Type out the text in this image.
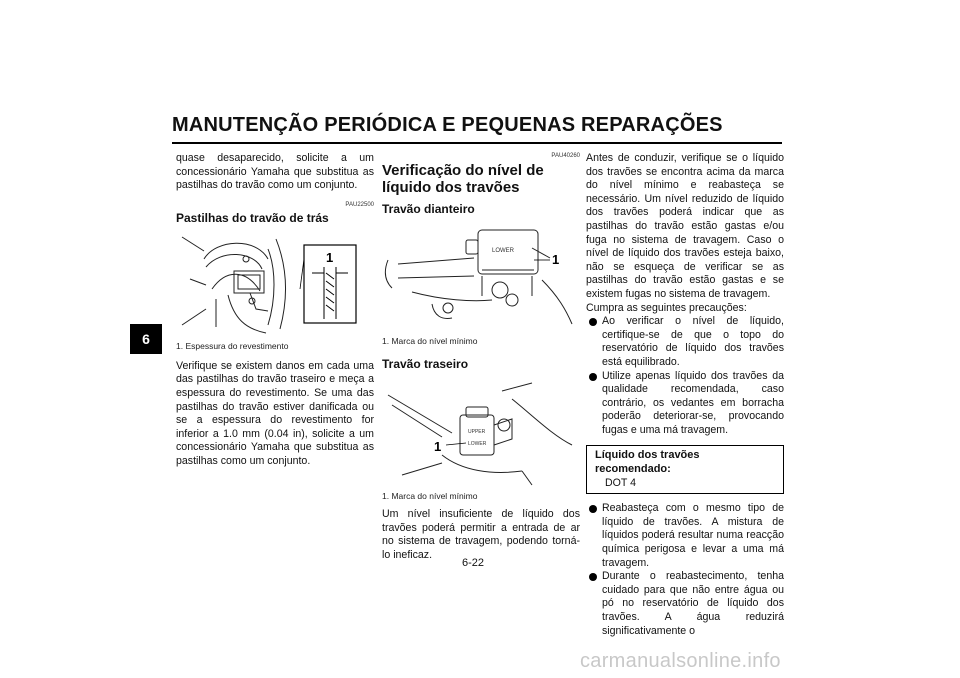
MANUTENÇÃO PERIÓDICA E PEQUENAS REPARAÇÕES
6

quase desaparecido, solicite a um concessionário Yamaha que substitua as pastilhas do travão como um conjunto.

PAU22500

Pastilhas do travão de trás
1
1. Espessura do revestimento

Verifique se existem danos em cada uma das pastilhas do travão traseiro e meça a espessura do revestimento. Se uma das pastilhas do travão estiver danificada ou se a espessura do revestimento for inferior a 1.0 mm (0.04 in), solicite a um concessionário Yamaha que substitua as pastilhas como um conjunto.

PAU40260

Verificação do nível de líquido dos travões
Travão dianteiro
LOWER
1
1. Marca do nível mínimo
Travão traseiro
UPPER
LOWER
1
1. Marca do nível mínimo

Um nível insuficiente de líquido dos travões poderá permitir a entrada de ar no sistema de travagem, podendo torná-lo ineficaz.

Antes de conduzir, verifique se o líquido dos travões se encontra acima da marca do nível mínimo e reabasteça se necessário. Um nível reduzido de líquido dos travões poderá indicar que as pastilhas do travão estão gastas e/ou fuga no sistema de travagem. Caso o nível de líquido dos travões esteja baixo, não se esqueça de verificar se as pastilhas do travão estão gastas e se existem fugas no sistema de travagem.

Cumpra as seguintes precauções:

Ao verificar o nível de líquido, certifique-se de que o topo do reservatório de líquido dos travões está equilibrado.
Utilize apenas líquido dos travões da qualidade recomendada, caso contrário, os vedantes em borracha poderão deteriorar-se, provocando fugas e uma má travagem.
Líquido dos travões recomendado:
DOT 4
Reabasteça com o mesmo tipo de líquido de travões. A mistura de líquidos poderá resultar numa reacção química perigosa e levar a uma má travagem.
Durante o reabastecimento, tenha cuidado para que não entre água ou pó no reservatório de líquido dos travões. A água reduzirá significativamente o
6-22
carmanualsonline.info
